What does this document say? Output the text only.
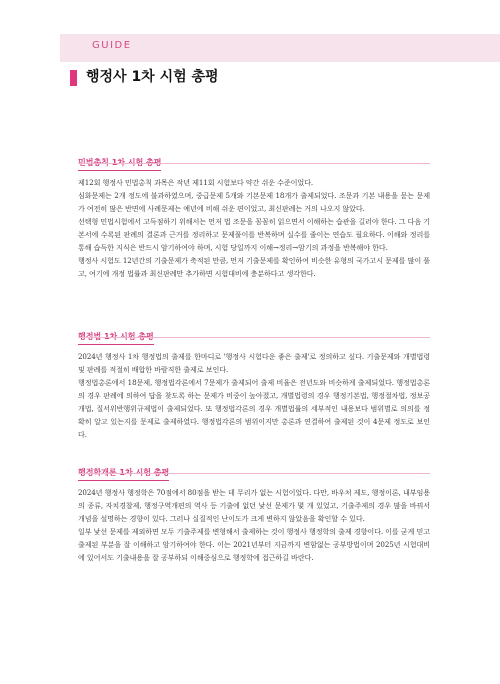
GUIDE
행정사 1차 시험 총평
민법총칙 1차 시험 총평

제12회 행정사 민법총칙 과목은 작년 제11회 시험보다 약간 쉬운 수준이었다.

심화문제는 2개 정도에 불과하였으며, 중급문제 5개와 기본문제 18개가 출제되었다. 조문과 기본 내용을 묻는 문제가 여전히 많은 반면에 사례문제는 예년에 비해 쉬운 편이었고, 최신판례는 거의 나오지 않았다.

선택형 민법시험에서 고득점하기 위해서는 먼저 법 조문을 꼼꼼히 읽으면서 이해하는 습관을 길러야 한다. 그 다음 기본서에 수록된 판례의 결론과 근거를 정리하고 문제풀이를 반복하며 실수를 줄이는 연습도 필요하다. 이해와 정리를 통해 습득한 지식은 반드시 암기하여야 하며, 시험 당일까지 이해→정리→암기의 과정을 반복해야 한다.

행정사 시험도 12년간의 기출문제가 축적된 만큼, 먼저 기출문제를 확인하여 비슷한 유형의 국가고시 문제를 많이 풀고, 여기에 개정 법률과 최신판례만 추가하면 시험대비에 충분하다고 생각한다.

행정법 1차 시험 총평

2024년 행정사 1차 행정법의 출제를 한마디로 '행정사 시험다운 좋은 출제'로 정의하고 싶다. 기출문제와 개별법령 및 판례를 적절히 배합한 바람직한 출제로 보인다.

행정법총론에서 18문제, 행정법각론에서 7문제가 출제되어 출제 비율은 전년도와 비슷하게 출제되었다. 행정법총론의 경우 판례에 의하여 답을 찾도록 하는 문제가 비중이 높아졌고, 개별법령의 경우 행정기본법, 행정절차법, 정보공개법, 질서위반행위규제법이 출제되었다. 또 행정법각론의 경우 개별법률의 세부적인 내용보다 범위별로 의의를 정확히 알고 있는지를 문제로 출제하였다. 행정법각론의 범위이지만 총론과 연결하여 출제된 것이 4문제 정도로 보인다.

행정학개론 1차 시험 총평

2024년 행정사 행정학은 70점에서 80점을 받는 데 무리가 없는 시험이었다. 다만, 바우처 제도, 행정이론, 내부임용의 종류, 자치경찰제, 행정구역개편의 역사 등 기출에 없던 낯선 문제가 몇 개 있었고, 기출주제의 경우 많을 바꿔서 개념을 설명하는 경향이 있다. 그러나 실질적인 난이도가 크게 변하지 않았음을 확인할 수 있다.

일부 낯선 문제를 제외하면 모두 기출주제를 변형해서 출제하는 것이 행정사 행정학의 출제 경향이다. 이를 굳게 믿고 출제된 부분을 잘 이해하고 암기하여야 한다. 이는 2021년부터 지금까지 변함없는 공부방법이며 2025년 시험대비에 있어서도 기출내용을 잘 공부하되 이해중심으로 행정학에 접근하길 바란다.
